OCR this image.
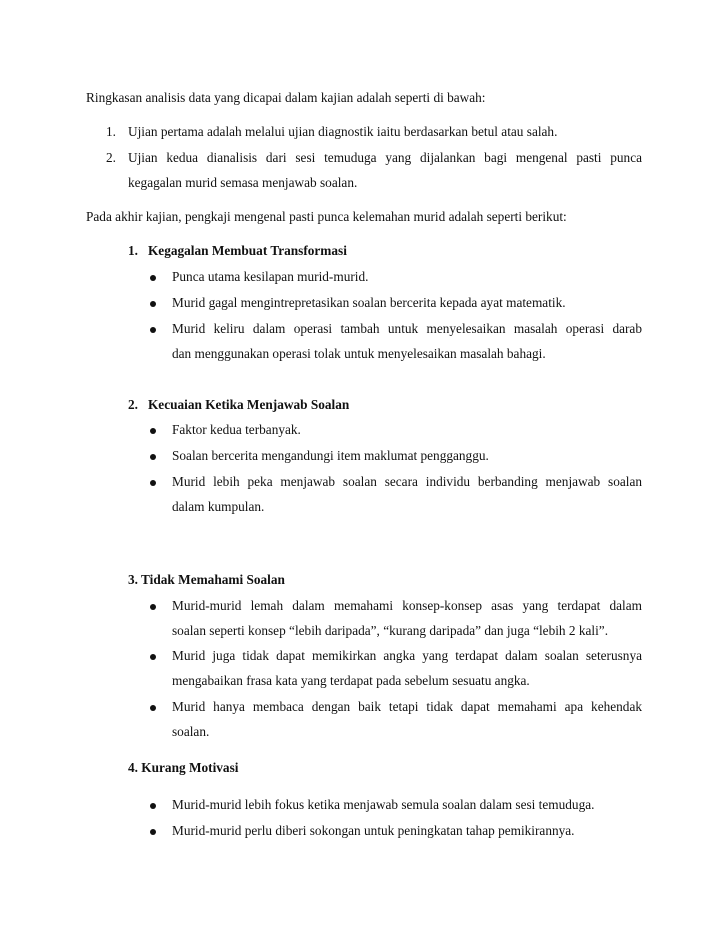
Ringkasan analisis data yang dicapai dalam kajian adalah seperti di bawah:
1. Ujian pertama adalah melalui ujian diagnostik iaitu berdasarkan betul atau salah.
2. Ujian kedua dianalisis dari sesi temuduga yang dijalankan bagi mengenal pasti punca
kegagalan murid semasa menjawab soalan.
Pada akhir kajian, pengkaji mengenal pasti punca kelemahan murid adalah seperti berikut:
1.   Kegagalan Membuat Transformasi
Punca utama kesilapan murid-murid.
Murid gagal mengintrepretasikan soalan bercerita kepada ayat matematik.
Murid keliru dalam operasi tambah untuk menyelesaikan masalah operasi darab
dan menggunakan operasi tolak untuk menyelesaikan masalah bahagi.
2.   Kecuaian Ketika Menjawab Soalan
Faktor kedua terbanyak.
Soalan bercerita mengandungi item maklumat pengganggu.
Murid lebih peka menjawab soalan secara individu berbanding menjawab soalan
dalam kumpulan.
3. Tidak Memahami Soalan
Murid-murid lemah dalam memahami konsep-konsep asas yang terdapat dalam
soalan seperti konsep “lebih daripada”, “kurang daripada” dan juga “lebih 2 kali”.
Murid juga tidak dapat memikirkan angka yang terdapat dalam soalan seterusnya
mengabaikan frasa kata yang terdapat pada sebelum sesuatu angka.
Murid hanya membaca dengan baik tetapi tidak dapat memahami apa kehendak
soalan.
4. Kurang Motivasi
Murid-murid lebih fokus ketika menjawab semula soalan dalam sesi temuduga.
Murid-murid perlu diberi sokongan untuk peningkatan tahap pemikirannya.
